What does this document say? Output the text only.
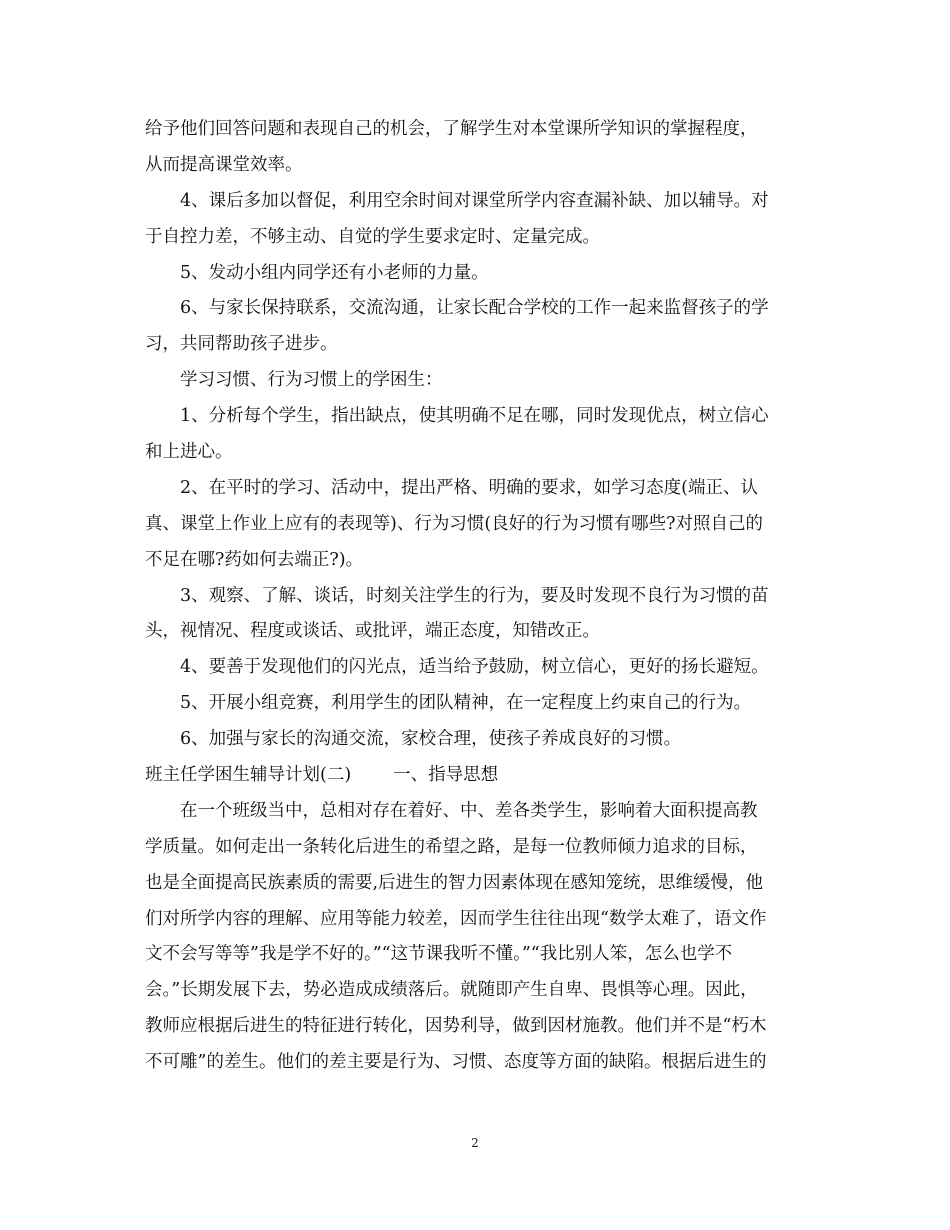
给予他们回答问题和表现自己的机会，了解学生对本堂课所学知识的掌握程度，
从而提高课堂效率。
4、课后多加以督促，利用空余时间对课堂所学内容查漏补缺、加以辅导。对
于自控力差，不够主动、自觉的学生要求定时、定量完成。
5、发动小组内同学还有小老师的力量。
6、与家长保持联系，交流沟通，让家长配合学校的工作一起来监督孩子的学
习，共同帮助孩子进步。
学习习惯、行为习惯上的学困生：
1、分析每个学生，指出缺点，使其明确不足在哪，同时发现优点，树立信心
和上进心。
2、在平时的学习、活动中，提出严格、明确的要求，如学习态度(端正、认
真、课堂上作业上应有的表现等)、行为习惯(良好的行为习惯有哪些?对照自己的
不足在哪?药如何去端正?)。
3、观察、了解、谈话，时刻关注学生的行为，要及时发现不良行为习惯的苗
头，视情况、程度或谈话、或批评，端正态度，知错改正。
4、要善于发现他们的闪光点，适当给予鼓励，树立信心，更好的扬长避短。
5、开展小组竞赛，利用学生的团队精神，在一定程度上约束自己的行为。
6、加强与家长的沟通交流，家校合理，使孩子养成良好的习惯。
班主任学困生辅导计划(二) 一、指导思想
在一个班级当中，总相对存在着好、中、差各类学生，影响着大面积提高教
学质量。如何走出一条转化后进生的希望之路，是每一位教师倾力追求的目标，
也是全面提高民族素质的需要,后进生的智力因素体现在感知笼统，思维缓慢，他
们对所学内容的理解、应用等能力较差，因而学生往往出现“数学太难了，语文作
文不会写等等”我是学不好的。”“这节课我听不懂。”“我比别人笨，怎么也学不
会。”长期发展下去，势必造成成绩落后。就随即产生自卑、畏惧等心理。因此，
教师应根据后进生的特征进行转化，因势利导，做到因材施教。他们并不是“朽木
不可雕”的差生。他们的差主要是行为、习惯、态度等方面的缺陷。根据后进生的
2
